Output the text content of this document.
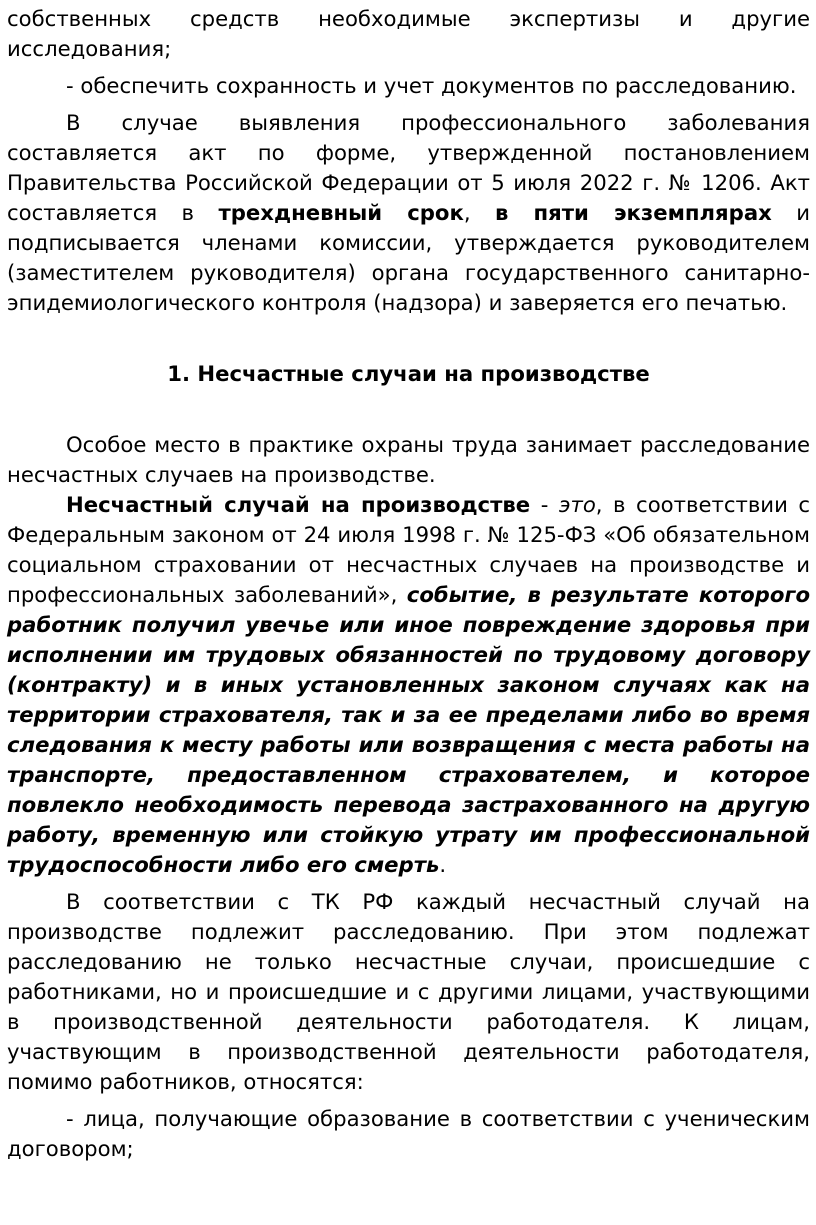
собственных средств необходимые экспертизы и другие исследования;

- обеспечить сохранность и учет документов по расследованию.

В случае выявления профессионального заболевания составляется акт по форме, утвержденной постановлением Правительства Российской Федерации от 5 июля 2022 г. № 1206. Акт составляется в трехдневный срок, в пяти экземплярах и подписывается членами комиссии, утверждается руководителем (заместителем руководителя) органа государственного санитарно-эпидемиологического контроля (надзора) и заверяется его печатью.

1. Несчастные случаи на производстве

Особое место в практике охраны труда занимает расследование несчастных случаев на производстве.

Несчастный случай на производстве - это, в соответствии с Федеральным законом от 24 июля 1998 г. № 125-ФЗ «Об обязательном социальном страховании от несчастных случаев на производстве и профессиональных заболеваний», событие, в результате которого работник получил увечье или иное повреждение здоровья при исполнении им трудовых обязанностей по трудовому договору (контракту) и в иных установленных законом случаях как на территории страхователя, так и за ее пределами либо во время следования к месту работы или возвращения с места работы на транспорте, предоставленном страхователем, и которое повлекло необходимость перевода застрахованного на другую работу, временную или стойкую утрату им профессиональной трудоспособности либо его смерть.

В соответствии с ТК РФ каждый несчастный случай на производстве подлежит расследованию. При этом подлежат расследованию не только несчастные случаи, происшедшие с работниками, но и происшедшие и с другими лицами, участвующими в производственной деятельности работодателя. К лицам, участвующим в производственной деятельности работодателя, помимо работников, относятся:

- лица, получающие образование в соответствии с ученическим договором;
